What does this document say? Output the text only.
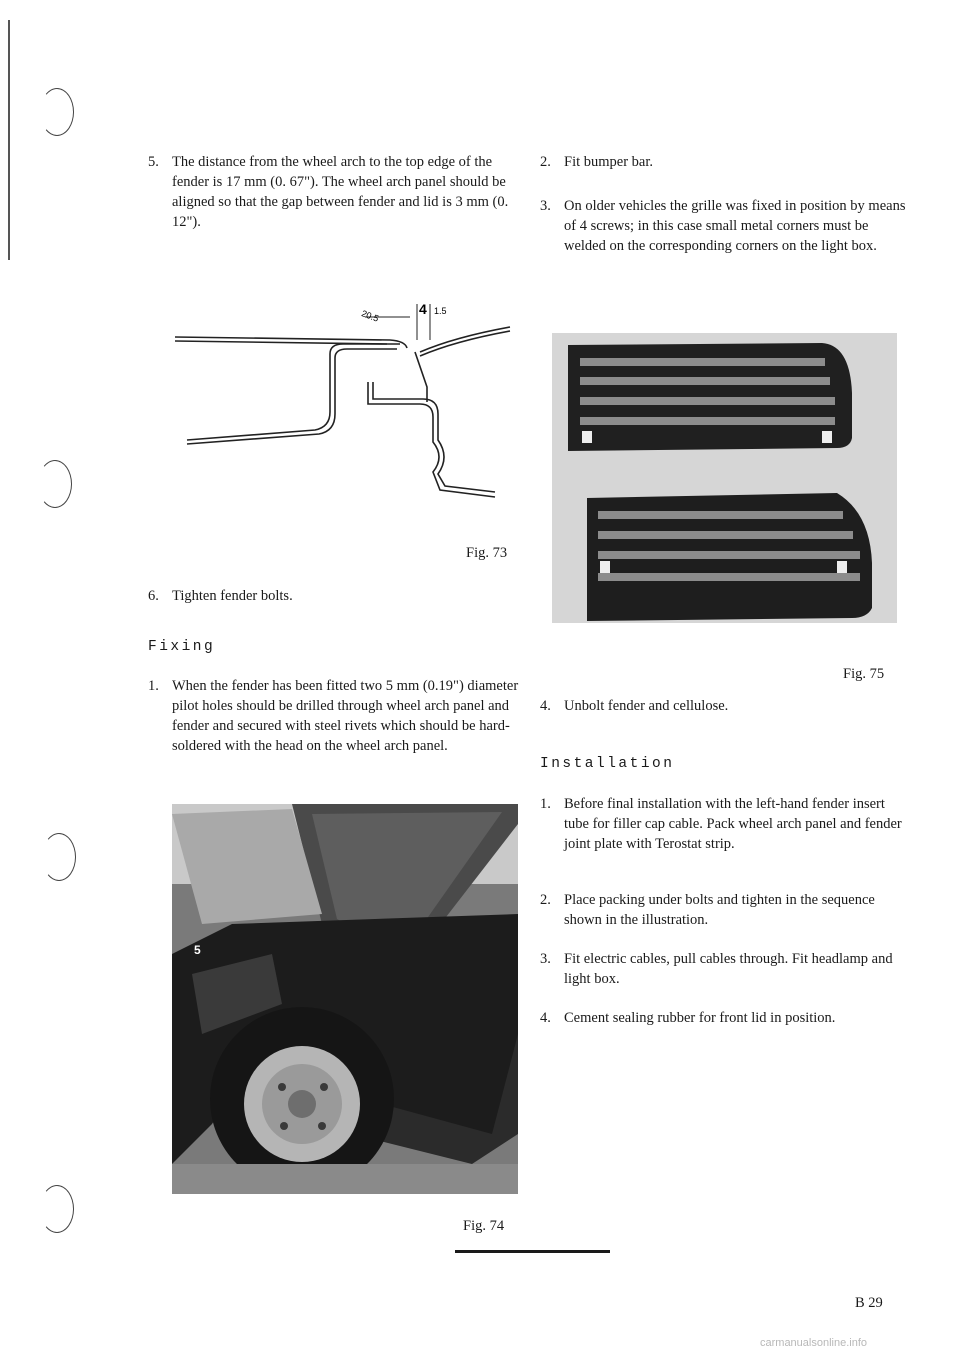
5. The distance from the wheel arch to the top edge of the fender is 17 mm (0. 67"). The wheel arch panel should be aligned so that the gap between fender and lid is 3 mm (0. 12").
20.5	4 1.5
Fig. 73
6. Tighten fender bolts.
Fixing
1. When the fender has been fitted two 5 mm (0.19") diameter pilot holes should be drilled through wheel arch panel and fender and secured with steel rivets which should be hard-soldered with the head on the wheel arch panel.
5
Fig. 74
2. Fit bumper bar.
3. On older vehicles the grille was fixed in position by means of 4 screws; in this case small metal corners must be welded on the corresponding corners on the light box.
Fig. 75
4. Unbolt fender and cellulose.
Installation
1. Before final installation with the left-hand fender insert tube for filler cap cable. Pack wheel arch panel and fender joint plate with Terostat strip.
2. Place packing under bolts and tighten in the sequence shown in the illustration.
3. Fit electric cables, pull cables through. Fit headlamp and light box.
4. Cement sealing rubber for front lid in position.
B 29
carmanualsonline.info
